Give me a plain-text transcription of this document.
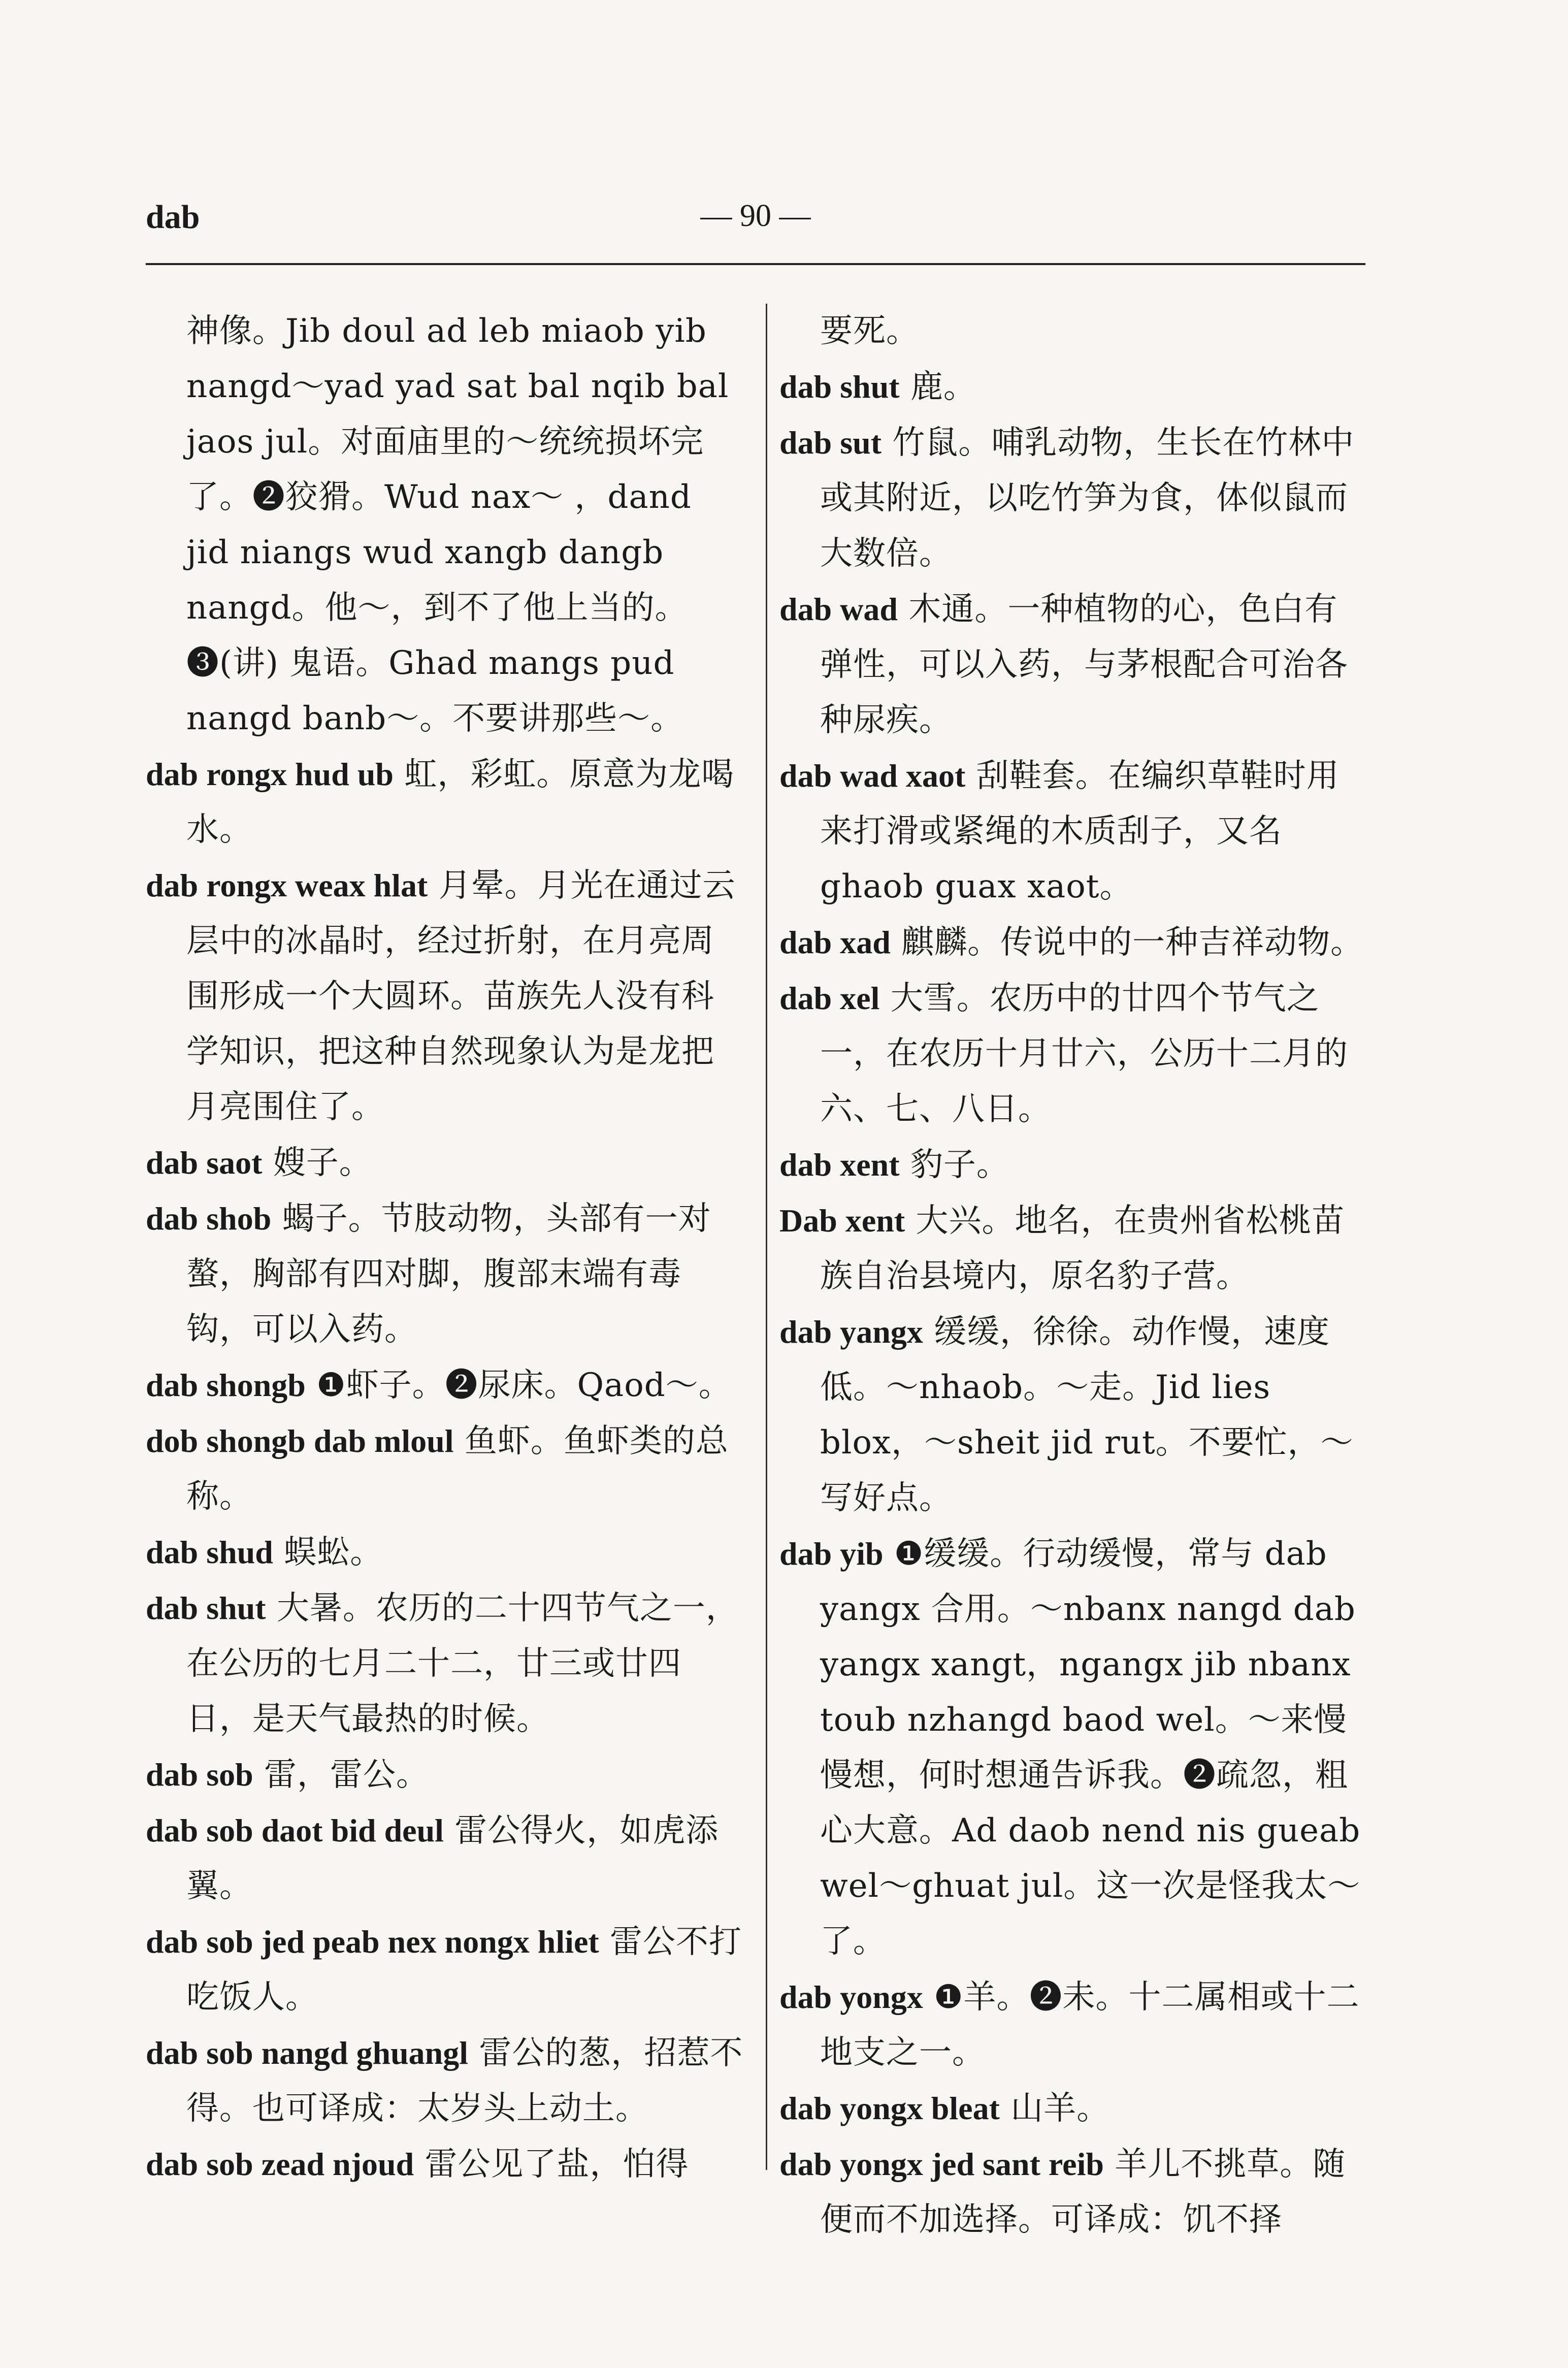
dab	— 90 —
神像。Jib doul ad leb miaob yib nangd～yad yad sat bal nqib bal jaos jul。对面庙里的～统统损坏完了。❷狡猾。Wud nax～ ，dand jid niangs wud xangb dangb nangd。他～，到不了他上当的。❸(讲) 鬼语。Ghad mangs pud nangd banb～。不要讲那些～。
dab rongx hud ub 虹，彩虹。原意为龙喝水。
dab rongx weax hlat 月晕。月光在通过云层中的冰晶时，经过折射，在月亮周围形成一个大圆环。苗族先人没有科学知识，把这种自然现象认为是龙把月亮围住了。
dab saot 嫂子。
dab shob 蝎子。节肢动物，头部有一对螯，胸部有四对脚，腹部末端有毒钩，可以入药。
dab shongb ❶虾子。❷尿床。Qaod～。
dob shongb dab mloul 鱼虾。鱼虾类的总称。
dab shud 蜈蚣。
dab shut 大暑。农历的二十四节气之一，在公历的七月二十二，廿三或廿四日，是天气最热的时候。
dab sob 雷，雷公。
dab sob daot bid deul 雷公得火，如虎添翼。
dab sob jed peab nex nongx hliet 雷公不打吃饭人。
dab sob nangd ghuangl 雷公的葱，招惹不得。也可译成：太岁头上动土。
dab sob zead njoud 雷公见了盐，怕得
要死。
dab shut 鹿。
dab sut 竹鼠。哺乳动物，生长在竹林中或其附近，以吃竹笋为食，体似鼠而大数倍。
dab wad 木通。一种植物的心，色白有弹性，可以入药，与茅根配合可治各种尿疾。
dab wad xaot 刮鞋套。在编织草鞋时用来打滑或紧绳的木质刮子，又名 ghaob guax xaot。
dab xad 麒麟。传说中的一种吉祥动物。
dab xel 大雪。农历中的廿四个节气之一，在农历十月廿六，公历十二月的六、七、八日。
dab xent 豹子。
Dab xent 大兴。地名，在贵州省松桃苗族自治县境内，原名豹子营。
dab yangx 缓缓，徐徐。动作慢，速度低。～nhaob。～走。Jid lies blox，～sheit jid rut。不要忙，～写好点。
dab yib ❶缓缓。行动缓慢，常与 dab yangx 合用。～nbanx nangd dab yangx xangt，ngangx jib nbanx toub nzhangd baod wel。～来慢慢想，何时想通告诉我。❷疏忽，粗心大意。Ad daob nend nis gueab wel～ghuat jul。这一次是怪我太～了。
dab yongx ❶羊。❷未。十二属相或十二地支之一。
dab yongx bleat 山羊。
dab yongx jed sant reib 羊儿不挑草。随便而不加选择。可译成：饥不择
